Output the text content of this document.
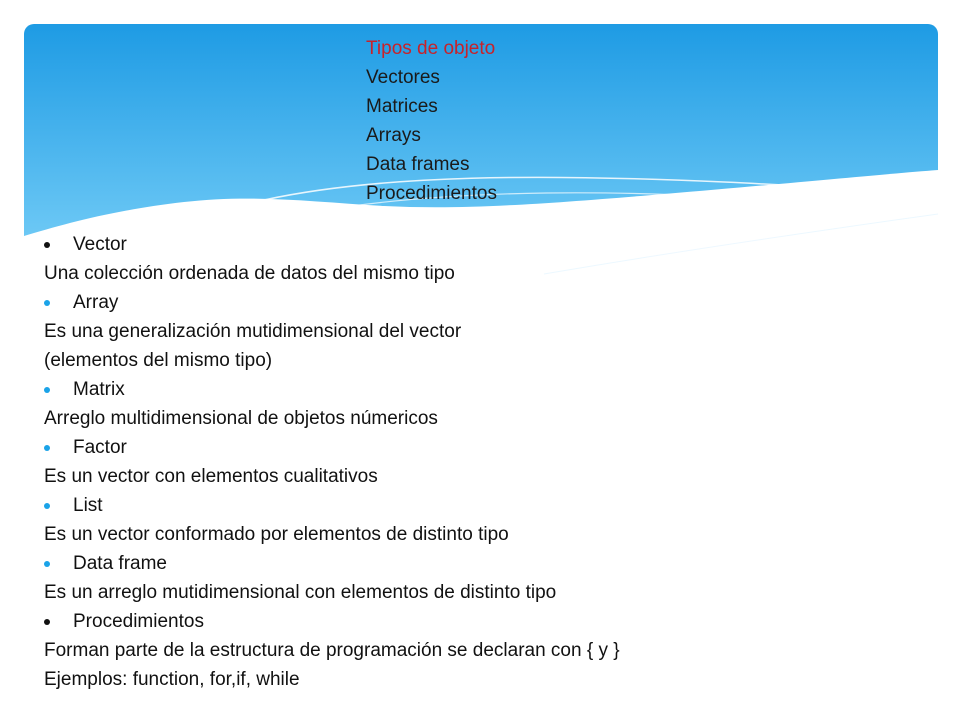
Tipos de objeto
Vectores
Matrices
Arrays
Data frames
Procedimientos
Vector
Una colección ordenada de datos del mismo tipo
Array
Es una generalización mutidimensional del vector
(elementos del mismo tipo)
Matrix
Arreglo multidimensional de objetos númericos
Factor
Es un vector con elementos cualitativos
List
Es un vector conformado por elementos de distinto tipo
Data frame
Es un arreglo mutidimensional con elementos de distinto tipo
Procedimientos
Forman parte de la estructura de programación se declaran con { y }
Ejemplos: function, for,if, while
